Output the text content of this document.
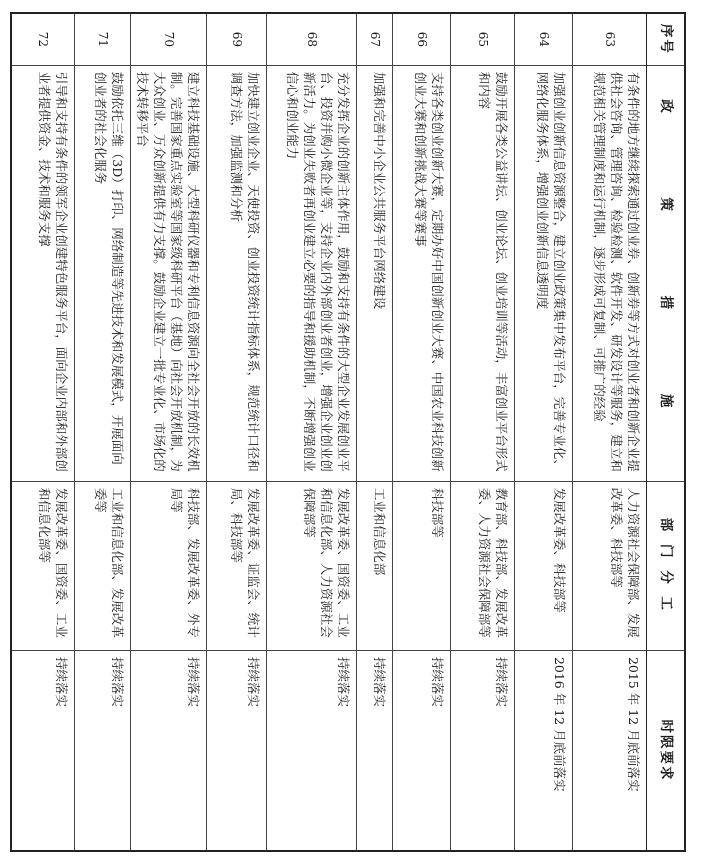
序号
政 策 措 施
部 门 分 工
时限要求
63
有条件的地方继续探索通过创业券、创新券等方式对创业者和创新企业提供社会咨询、管理咨询、检验检测、软件开发、研发设计等服务，建立和规范相关管理制度和运行机制，逐步形成可复制、可推广的经验
人力资源社会保障部、发展改革委、科技部等
2015 年 12 月底前落实
64
加强创业创新信息资源整合，建立创业政策集中发布平台，完善专业化、网络化服务体系，增强创业创新信息透明度
发展改革委、科技部等
2016 年 12 月底前落实
65
鼓励开展各类公益讲坛、创业论坛、创业培训等活动，丰富创业平台形式和内容
教育部、科技部、发展改革委、人力资源社会保障部等
持续落实
66
支持各类创业创新大赛，定期办好中国创新创业大赛、中国农业科技创新创业大赛和创新挑战大赛等赛事
科技部等
持续落实
67
加强和完善中小企业公共服务平台网络建设
工业和信息化部
持续落实
68
充分发挥企业的创新主体作用，鼓励和支持有条件的大型企业发展创业平台、投资并购小微企业等，支持企业内外部创业者创业，增强企业创业创新活力。为创业失败者再创业建立必要的指导和援助机制，不断增强创业信心和创业能力
发展改革委、国资委、工业和信息化部、人力资源社会保障部等
持续落实
69
加快建立创业企业、天使投资、创业投资统计指标体系，规范统计口径和调查方法，加强监测和分析
发展改革委、证监会、统计局、科技部等
持续落实
70
建立科技基础设施、大型科研仪器和专利信息资源向全社会开放的长效机制。完善国家重点实验室等国家级科研平台（基地）向社会开放机制，为大众创业、万众创新提供有力支撑。鼓励企业建立一批专业化、市场化的技术转移平台
科技部、发展改革委、外专局等
持续落实
71
鼓励依托三维（3D）打印、网络制造等先进技术和发展模式，开展面向创业者的社会化服务
工业和信息化部、发展改革委等
持续落实
72
引导和支持有条件的领军企业创建特色服务平台，面向企业内部和外部创业者提供资金、技术和服务支撑
发展改革委、国资委、工业和信息化部等
持续落实
